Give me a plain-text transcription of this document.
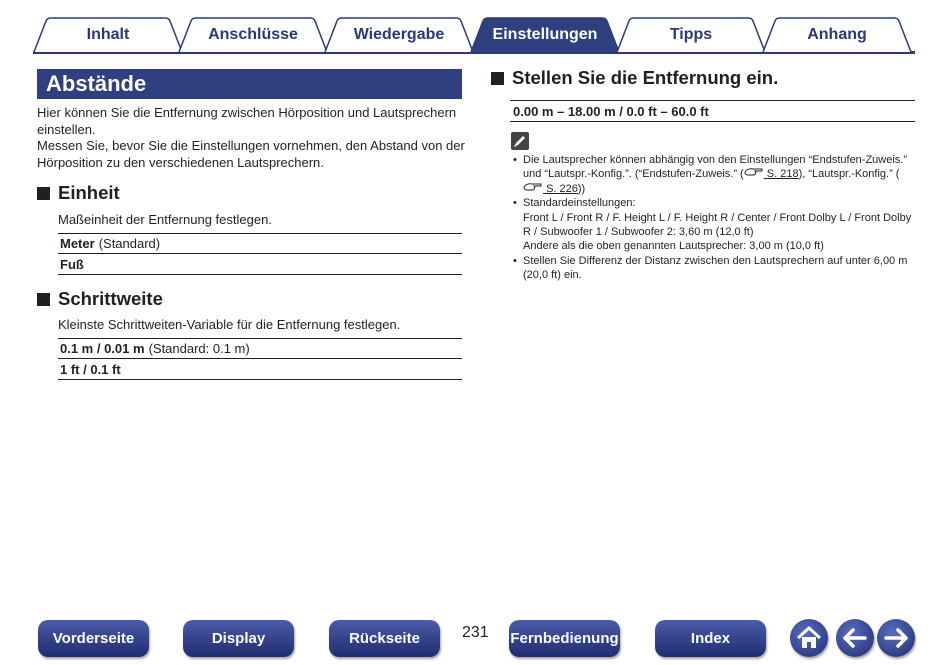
Inhalt	Anschlüsse	Wiedergabe	Einstellungen	Tipps	Anhang
Abstände

Hier können Sie die Entfernung zwischen Hörposition und Lautsprechern einstellen.

Messen Sie, bevor Sie die Einstellungen vornehmen, den Abstand von der Hörposition zu den verschiedenen Lautsprechern.

Einheit
Maßeinheit der Entfernung festlegen.
Meter (Standard)
Fuß
Schrittweite
Kleinste Schrittweiten-Variable für die Entfernung festlegen.
0.1 m / 0.01 m (Standard: 0.1 m)
1 ft / 0.1 ft
Stellen Sie die Entfernung ein.
0.00 m – 18.00 m / 0.0 ft – 60.0 ft
• Die Lautsprecher können abhängig von den Einstellungen “Endstufen-Zuweis.” und “Lautspr.-Konfig.”. (“Endstufen-Zuweis.” ( S. 218), “Lautspr.-Konfig.” ( S. 226))
• Standardeinstellungen:
Front L / Front R / F. Height L / F. Height R / Center / Front Dolby L / Front Dolby R / Subwoofer 1 / Subwoofer 2: 3,60 m (12,0 ft)
Andere als die oben genannten Lautsprecher: 3,00 m (10,0 ft)
• Stellen Sie Differenz der Distanz zwischen den Lautsprechern auf unter 6,00 m (20,0 ft) ein.
Vorderseite	Display	Rückseite	231 Fernbedienung	Index
